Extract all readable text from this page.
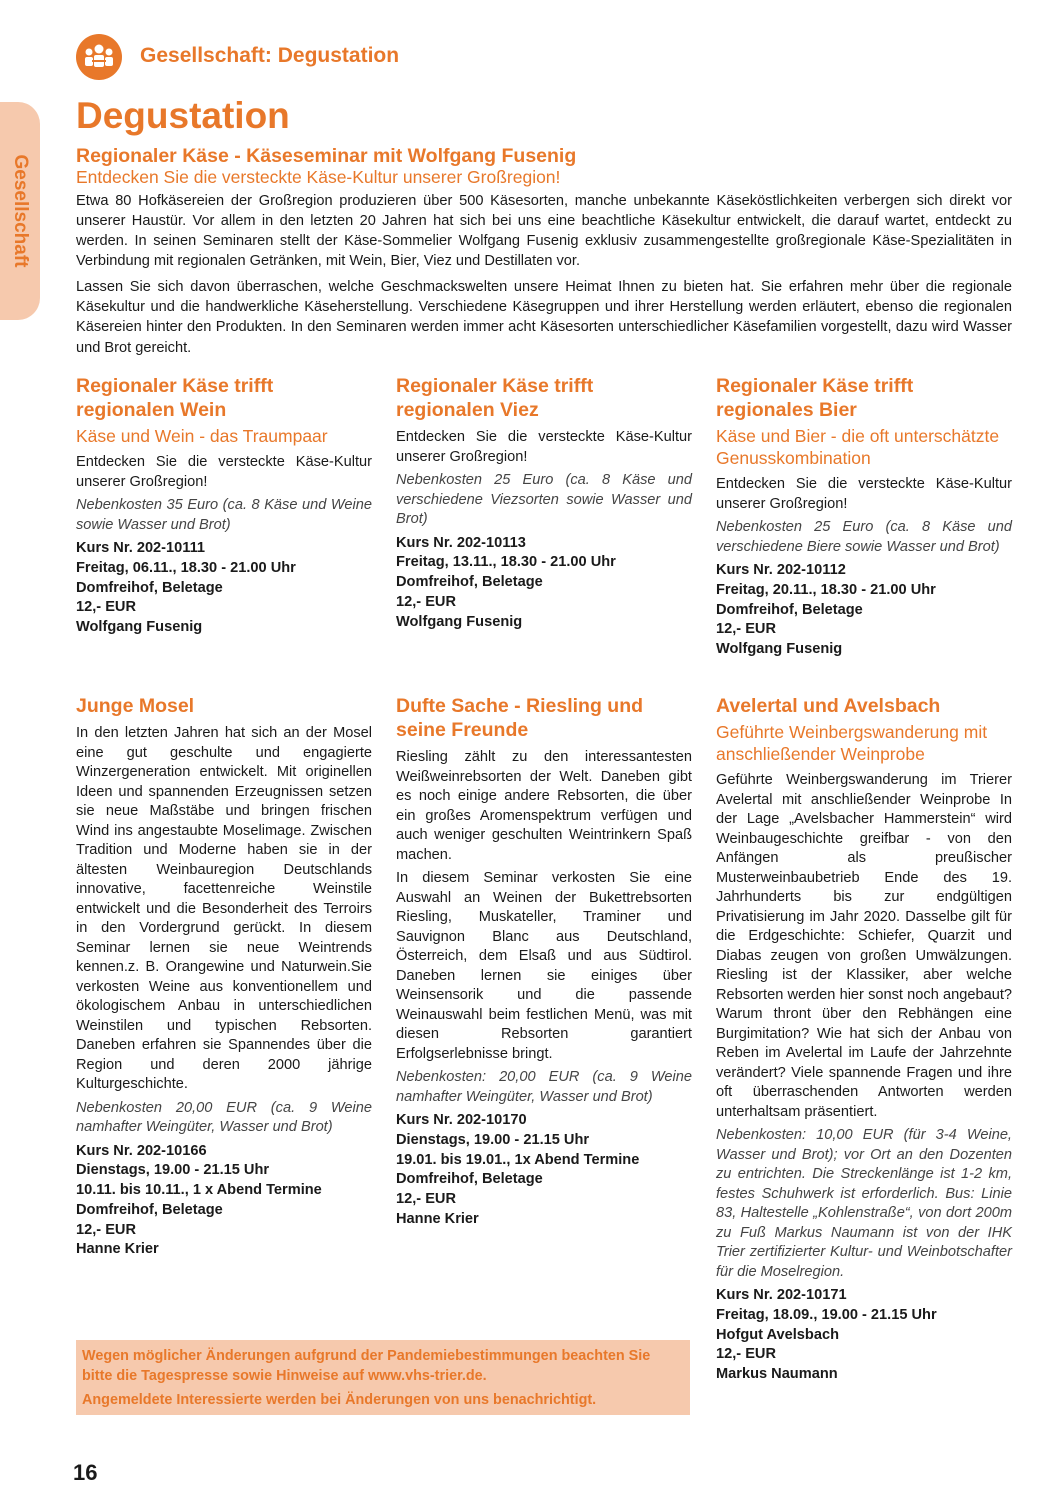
Gesellschaft
Gesellschaft: Degustation
Degustation
Regionaler Käse - Käseseminar mit Wolfgang Fusenig
Entdecken Sie die versteckte Käse-Kultur unserer Großregion!

Etwa 80 Hofkäsereien der Großregion produzieren über 500 Käsesorten, manche unbekannte Käseköstlichkeiten verbergen sich direkt vor unserer Haustür. Vor allem in den letzten 20 Jahren hat sich bei uns eine beachtliche Käsekultur entwickelt, die darauf wartet, entdeckt zu werden. In seinen Seminaren stellt der Käse-Sommelier Wolfgang Fusenig exklusiv zusammengestellte großregionale Käse-Spezialitäten in Verbindung mit regionalen Getränken, mit Wein, Bier, Viez und Destillaten vor.

Lassen Sie sich davon überraschen, welche Geschmackswelten unsere Heimat Ihnen zu bieten hat. Sie erfahren mehr über die regionale Käsekultur und die handwerkliche Käseherstellung. Verschiedene Käsegruppen und ihrer Herstellung werden erläutert, ebenso die regionalen Käsereien hinter den Produkten. In den Seminaren werden immer acht Käsesorten unterschiedlicher Käsefamilien vorgestellt, dazu wird Wasser und Brot gereicht.

Regionaler Käse trifft regionalen Wein
Käse und Wein - das Traumpaar

Entdecken Sie die versteckte Käse-Kultur unserer Großregion!

Nebenkosten 35 Euro (ca. 8 Käse und Weine sowie Wasser und Brot)

Kurs Nr. 202-10111
Freitag, 06.11., 18.30 - 21.00 Uhr
Domfreihof, Beletage
12,- EUR
Wolfgang Fusenig
Regionaler Käse trifft regionalen Viez

Entdecken Sie die versteckte Käse-Kultur unserer Großregion!

Nebenkosten 25 Euro (ca. 8 Käse und verschiedene Viezsorten sowie Wasser und Brot)

Kurs Nr. 202-10113
Freitag, 13.11., 18.30 - 21.00 Uhr
Domfreihof, Beletage
12,- EUR
Wolfgang Fusenig
Regionaler Käse trifft regionales Bier
Käse und Bier - die oft unterschätzte Genusskombination

Entdecken Sie die versteckte Käse-Kultur unserer Großregion!

Nebenkosten 25 Euro (ca. 8 Käse und verschiedene Biere sowie Wasser und Brot)

Kurs Nr. 202-10112
Freitag, 20.11., 18.30 - 21.00 Uhr
Domfreihof, Beletage
12,- EUR
Wolfgang Fusenig
Junge Mosel

In den letzten Jahren hat sich an der Mosel eine gut geschulte und engagierte Winzergeneration entwickelt. Mit originellen Ideen und spannenden Erzeugnissen setzen sie neue Maßstäbe und bringen frischen Wind ins angestaubte Moselimage. Zwischen Tradition und Moderne haben sie in der ältesten Weinbauregion Deutschlands innovative, facettenreiche Weinstile entwickelt und die Besonderheit des Terroirs in den Vordergrund gerückt. In diesem Seminar lernen sie neue Weintrends kennen.z. B. Orangewine und Naturwein.Sie verkosten Weine aus konventionellem und ökologischem Anbau in unterschiedlichen Weinstilen und typischen Rebsorten. Daneben erfahren sie Spannendes über die Region und deren 2000 jährige Kulturgeschichte.

Nebenkosten 20,00 EUR (ca. 9 Weine namhafter Weingüter, Wasser und Brot)

Kurs Nr. 202-10166
Dienstags, 19.00 - 21.15 Uhr
10.11. bis 10.11., 1 x Abend Termine
Domfreihof, Beletage
12,- EUR
Hanne Krier
Dufte Sache - Riesling und seine Freunde

Riesling zählt zu den interessantesten Weißweinrebsorten der Welt. Daneben gibt es noch einige andere Rebsorten, die über ein großes Aromenspektrum verfügen und auch weniger geschulten Weintrinkern Spaß machen.

In diesem Seminar verkosten Sie eine Auswahl an Weinen der Bukettrebsorten Riesling, Muskateller, Traminer und Sauvignon Blanc aus Deutschland, Österreich, dem Elsaß und aus Südtirol. Daneben lernen sie einiges über Weinsensorik und die passende Weinauswahl beim festlichen Menü, was mit diesen Rebsorten garantiert Erfolgserlebnisse bringt.

Nebenkosten: 20,00 EUR (ca. 9 Weine namhafter Weingüter, Wasser und Brot)

Kurs Nr. 202-10170
Dienstags, 19.00 - 21.15 Uhr
19.01. bis 19.01., 1x Abend Termine
Domfreihof, Beletage
12,- EUR
Hanne Krier
Avelertal und Avelsbach
Geführte Weinbergswanderung mit anschließender Weinprobe

Geführte Weinbergswanderung im Trierer Avelertal mit anschließender Weinprobe In der Lage „Avelsbacher Hammerstein“ wird Weinbaugeschichte greifbar - von den Anfängen als preußischer Musterweinbaubetrieb Ende des 19. Jahrhunderts bis zur endgültigen Privatisierung im Jahr 2020. Dasselbe gilt für die Erdgeschichte: Schiefer, Quarzit und Diabas zeugen von großen Umwälzungen. Riesling ist der Klassiker, aber welche Rebsorten werden hier sonst noch angebaut? Warum thront über den Rebhängen eine Burgimitation? Wie hat sich der Anbau von Reben im Avelertal im Laufe der Jahrzehnte verändert? Viele spannende Fragen und ihre oft überraschenden Antworten werden unterhaltsam präsentiert.

Nebenkosten: 10,00 EUR (für 3-4 Weine, Wasser und Brot); vor Ort an den Dozenten zu entrichten. Die Streckenlänge ist 1-2 km, festes Schuhwerk ist erforderlich. Bus: Linie 83, Haltestelle „Kohlenstraße“, von dort 200m zu Fuß Markus Naumann ist von der IHK Trier zertifizierter Kultur- und Weinbotschafter für die Moselregion.

Kurs Nr. 202-10171
Freitag, 18.09., 19.00 - 21.15 Uhr
Hofgut Avelsbach
12,- EUR
Markus Naumann

Wegen möglicher Änderungen aufgrund der Pandemiebestimmungen beachten Sie bitte die Tagespresse sowie Hinweise auf www.vhs-trier.de.

Angemeldete Interessierte werden bei Änderungen von uns benachrichtigt.

16
